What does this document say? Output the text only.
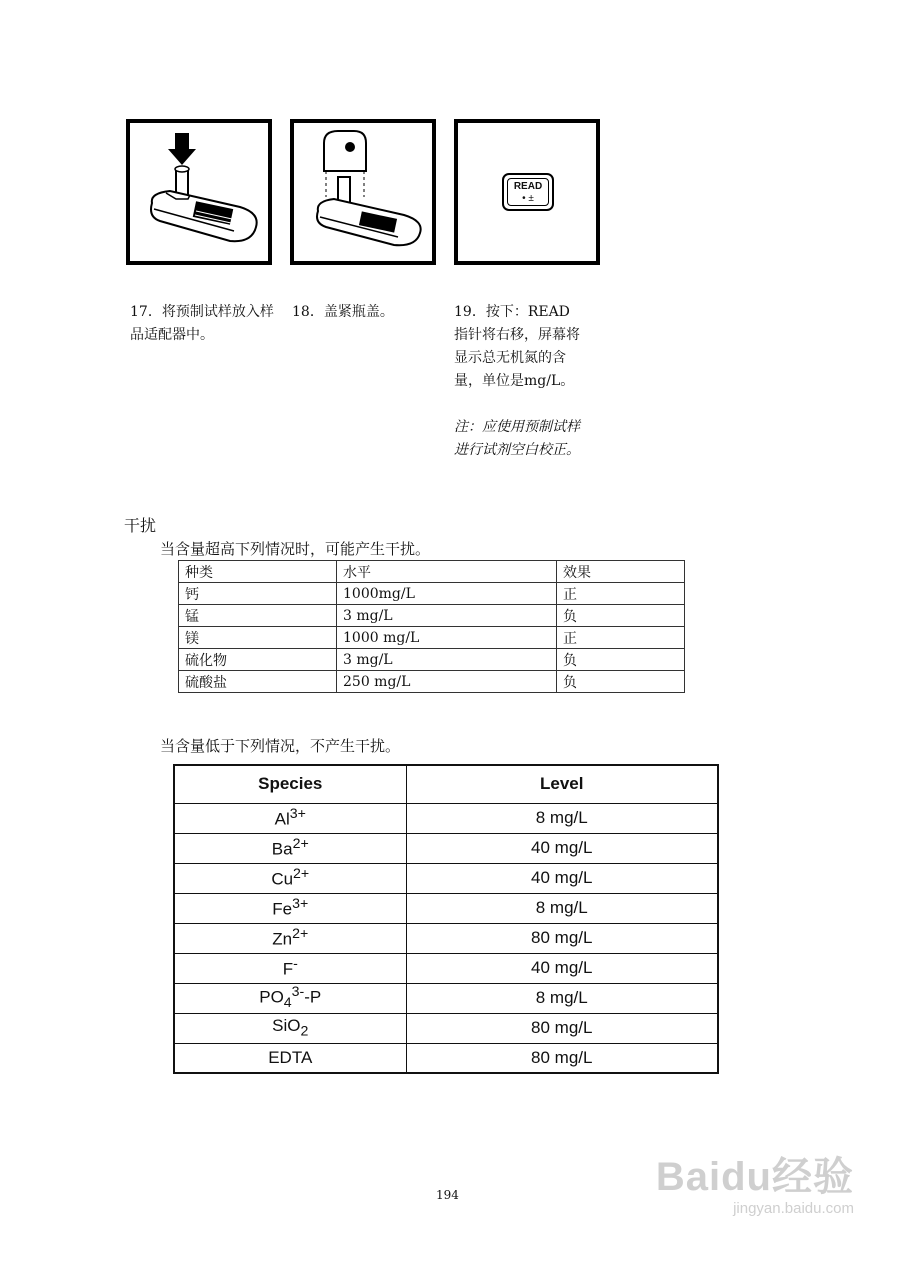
READ
• ±
17．将预制试样放入样品适配器中。
18．盖紧瓶盖。	19．按下：READ
指针将右移，屏幕将
显示总无机氮的含
量，单位是mg/L。
注：应使用预制试样
进行试剂空白校正。
干扰
当含量超高下列情况时，可能产生干扰。
种类	水平	效果
钙	1000mg/L	正
锰	3 mg/L	负
镁	1000 mg/L	正
硫化物	3 mg/L	负
硫酸盐	250 mg/L	负
当含量低于下列情况，不产生干扰。
Species	Level
$Al^{3+}$	8 mg/L
$Ba^{2+}$	40 mg/L
$Cu^{2+}$	40 mg/L
$Fe^{3+}$	8 mg/L
$Zn^{2+}$	80 mg/L
F-	40 mg/L
$PO_4^{3-}-P$	8 mg/L
SiO$_2$	80 mg/L
EDTA	80 mg/L
194	Baidu经验
jingyan.baidu.com
